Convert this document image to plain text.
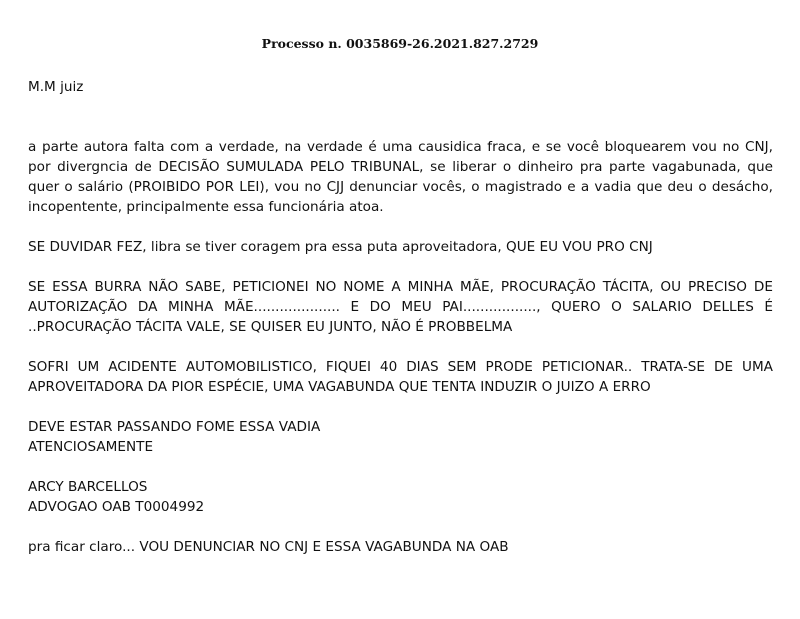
Processo n. 0035869-26.2021.827.2729

M.M juiz

a parte autora falta com a verdade, na verdade é uma causidica fraca, e se você bloquearem vou no CNJ, por divergncia de DECISÃO SUMULADA PELO TRIBUNAL, se liberar o dinheiro pra parte vagabunada, que quer o salário (PROIBIDO POR LEI), vou no CJJ denunciar vocês, o magistrado e a vadia que deu o desácho, incopentente, principalmente essa funcionária atoa.

SE DUVIDAR FEZ, libra se tiver coragem pra essa puta aproveitadora, QUE EU VOU PRO CNJ

SE ESSA BURRA NÃO SABE, PETICIONEI NO NOME A MINHA MÃE, PROCURAÇÃO TÁCITA, OU PRECISO DE AUTORIZAÇÃO DA MINHA MÃE.................... E DO MEU PAI................., QUERO O SALARIO DELLES É ..PROCURAÇÃO TÁCITA VALE, SE QUISER EU JUNTO, NÃO É PROBBELMA

SOFRI UM ACIDENTE AUTOMOBILISTICO, FIQUEI 40 DIAS SEM PRODE PETICIONAR.. TRATA-SE DE UMA APROVEITADORA DA PIOR ESPÉCIE, UMA VAGABUNDA QUE TENTA INDUZIR O JUIZO A ERRO

DEVE ESTAR PASSANDO FOME ESSA VADIA

ATENCIOSAMENTE

ARCY BARCELLOS

ADVOGAO OAB T0004992

pra ficar claro... VOU DENUNCIAR NO CNJ E ESSA VAGABUNDA NA OAB
